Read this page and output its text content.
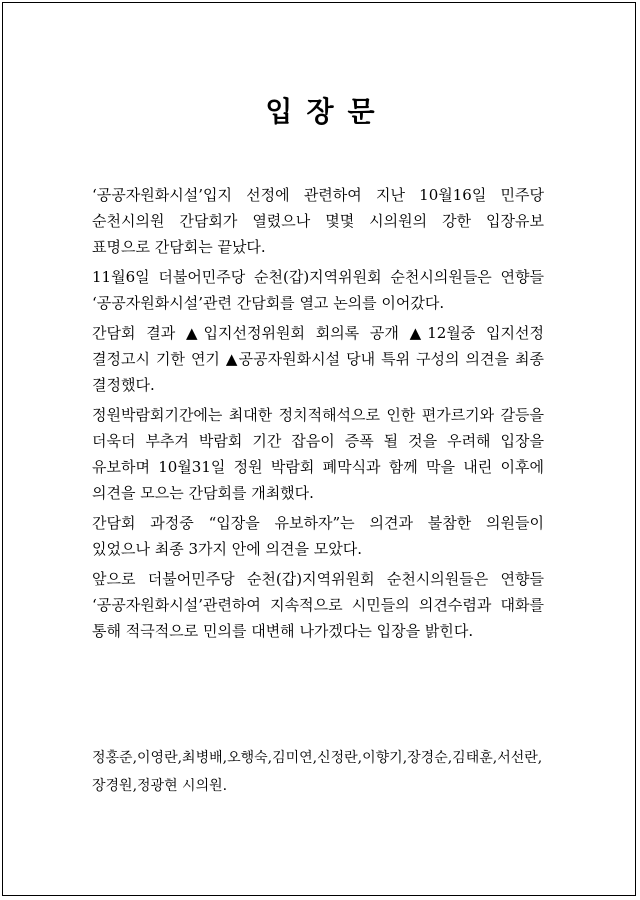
입장문

‘공공자원화시설’입지 선정에 관련하여 지난 10월16일 민주당 순천시의원 간담회가 열렸으나 몇몇 시의원의 강한 입장유보 표명으로 간담회는 끝났다.

11월6일 더불어민주당 순천(갑)지역위원회 순천시의원들은 연향들 ‘공공자원화시설’관련 간담회를 열고 논의를 이어갔다.

간담회 결과 ▲입지선정위원회 회의록 공개 ▲12월중 입지선정 결정고시 기한 연기 ▲공공자원화시설 당내 특위 구성의 의견을 최종 결정했다.

정원박람회기간에는 최대한 정치적해석으로 인한 편가르기와 갈등을 더욱더 부추겨 박람회 기간 잡음이 증폭 될 것을 우려해 입장을 유보하며 10월31일 정원 박람회 폐막식과 함께 막을 내린 이후에 의견을 모으는 간담회를 개최했다.

간담회 과정중 “입장을 유보하자”는 의견과 불참한 의원들이 있었으나 최종 3가지 안에 의견을 모았다.

앞으로 더불어민주당 순천(갑)지역위원회 순천시의원들은 연향들 ‘공공자원화시설’관련하여 지속적으로 시민들의 의견수렴과 대화를 통해 적극적으로 민의를 대변해 나가겠다는 입장을 밝힌다.

정홍준,이영란,최병배,오행숙,김미연,신정란,이향기,장경순,김태훈,서선란,장경원,정광현 시의원.
